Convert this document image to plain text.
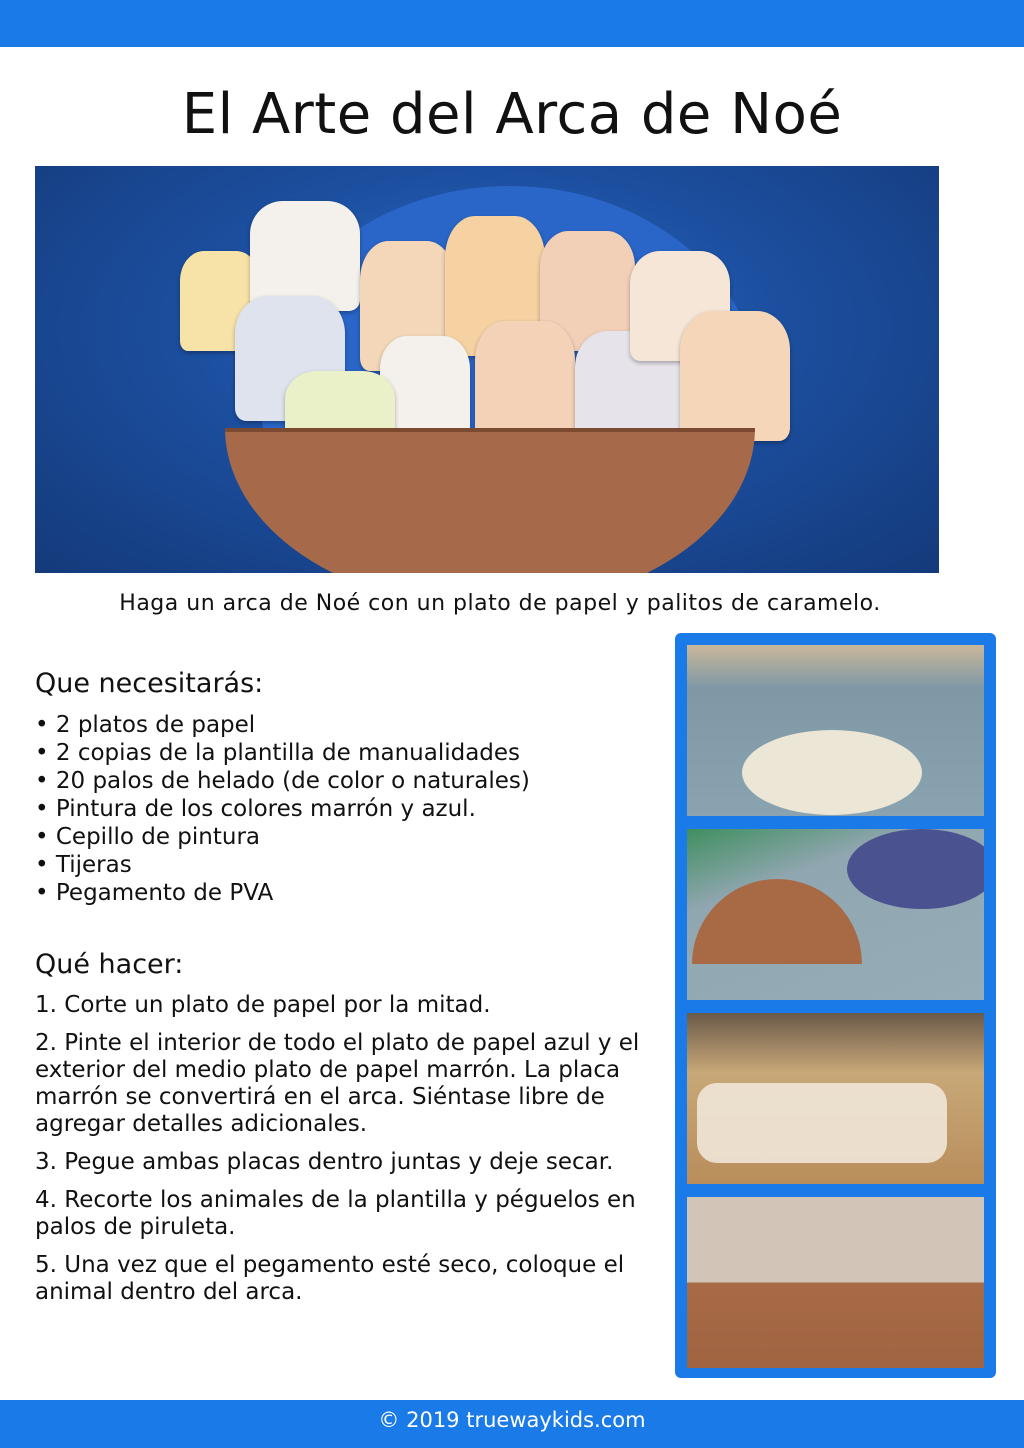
El Arte del Arca de Noé

Haga un arca de Noé con un plato de papel y palitos de caramelo.

Que necesitarás:
• 2 platos de papel
• 2 copias de la plantilla de manualidades
• 20 palos de helado (de color o naturales)
• Pintura de los colores marrón y azul.
• Cepillo de pintura
• Tijeras
• Pegamento de PVA
Qué hacer:

1. Corte un plato de papel por la mitad.

2. Pinte el interior de todo el plato de papel azul y el exterior del medio plato de papel marrón. La placa marrón se convertirá en el arca. Siéntase libre de agregar detalles adicionales.

3. Pegue ambas placas dentro juntas y deje secar.

4. Recorte los animales de la plantilla y péguelos en palos de piruleta.

5. Una vez que el pegamento esté seco, coloque el animal dentro del arca.

© 2019 truewaykids.com
